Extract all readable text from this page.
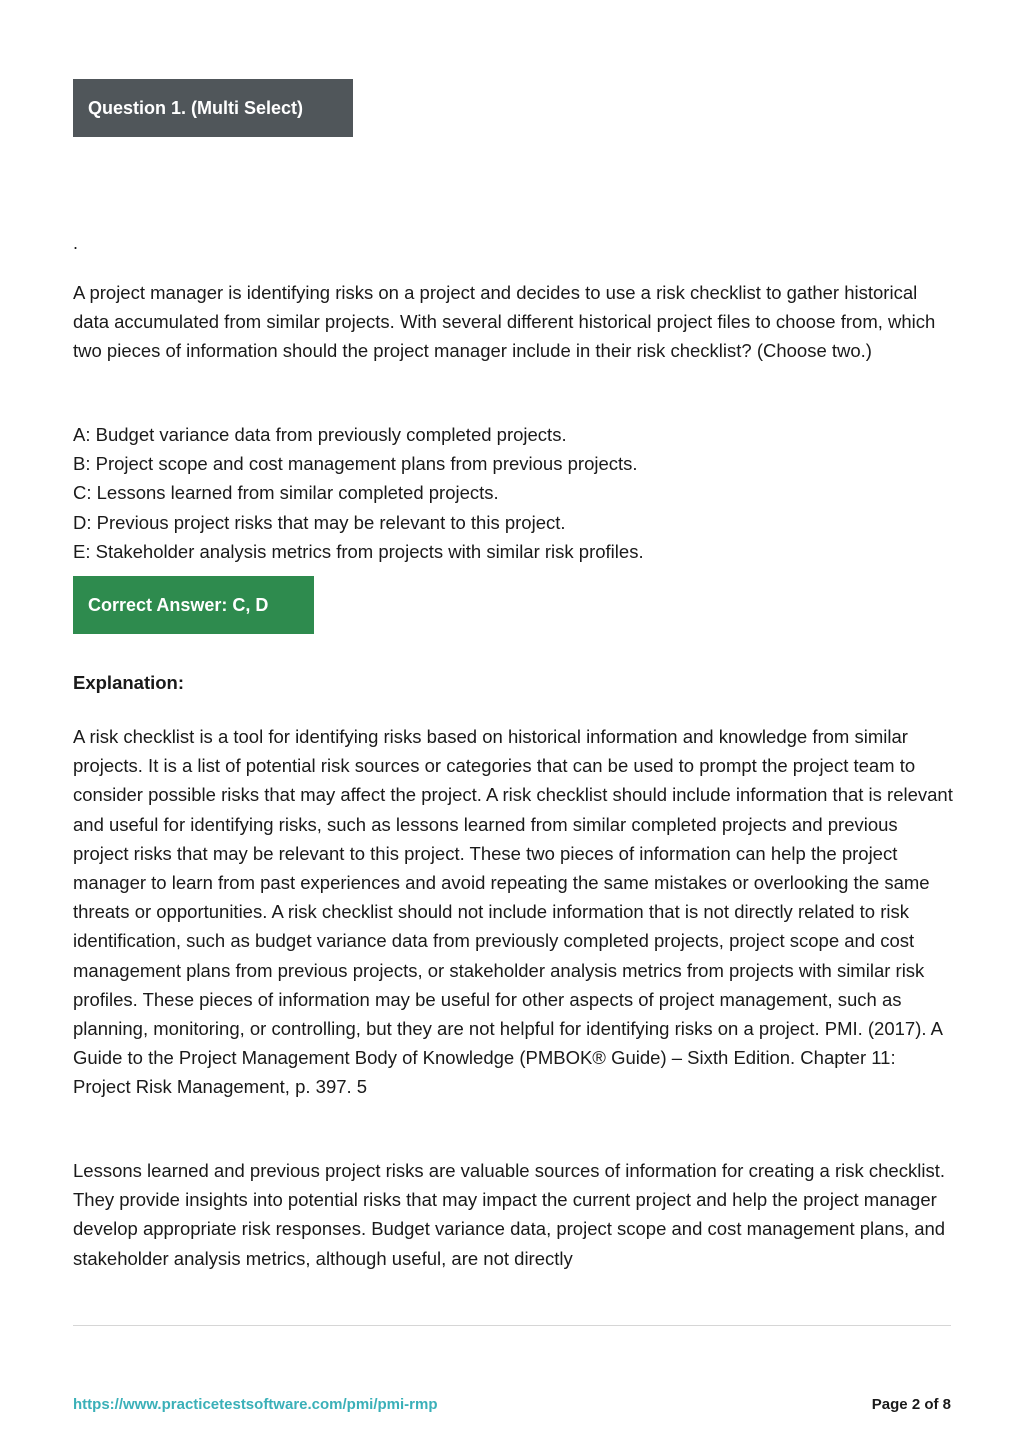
Question 1. (Multi Select)
.

A project manager is identifying risks on a project and decides to use a risk checklist to gather historical data accumulated from similar projects. With several different historical project files to choose from, which two pieces of information should the project manager include in their risk checklist? (Choose two.)

A: Budget variance data from previously completed projects.
B: Project scope and cost management plans from previous projects.
C: Lessons learned from similar completed projects.
D: Previous project risks that may be relevant to this project.
E: Stakeholder analysis metrics from projects with similar risk profiles.
Correct Answer: C, D
Explanation:

A risk checklist is a tool for identifying risks based on historical information and knowledge from similar projects. It is a list of potential risk sources or categories that can be used to prompt the project team to consider possible risks that may affect the project. A risk checklist should include information that is relevant and useful for identifying risks, such as lessons learned from similar completed projects and previous project risks that may be relevant to this project. These two pieces of information can help the project manager to learn from past experiences and avoid repeating the same mistakes or overlooking the same threats or opportunities. A risk checklist should not include information that is not directly related to risk identification, such as budget variance data from previously completed projects, project scope and cost management plans from previous projects, or stakeholder analysis metrics from projects with similar risk profiles. These pieces of information may be useful for other aspects of project management, such as planning, monitoring, or controlling, but they are not helpful for identifying risks on a project. PMI. (2017). A Guide to the Project Management Body of Knowledge (PMBOK® Guide) – Sixth Edition. Chapter 11: Project Risk Management, p. 397. 5

Lessons learned and previous project risks are valuable sources of information for creating a risk checklist. They provide insights into potential risks that may impact the current project and help the project manager develop appropriate risk responses. Budget variance data, project scope and cost management plans, and stakeholder analysis metrics, although useful, are not directly

https://www.practicetestsoftware.com/pmi/pmi-rmp	Page 2 of 8
